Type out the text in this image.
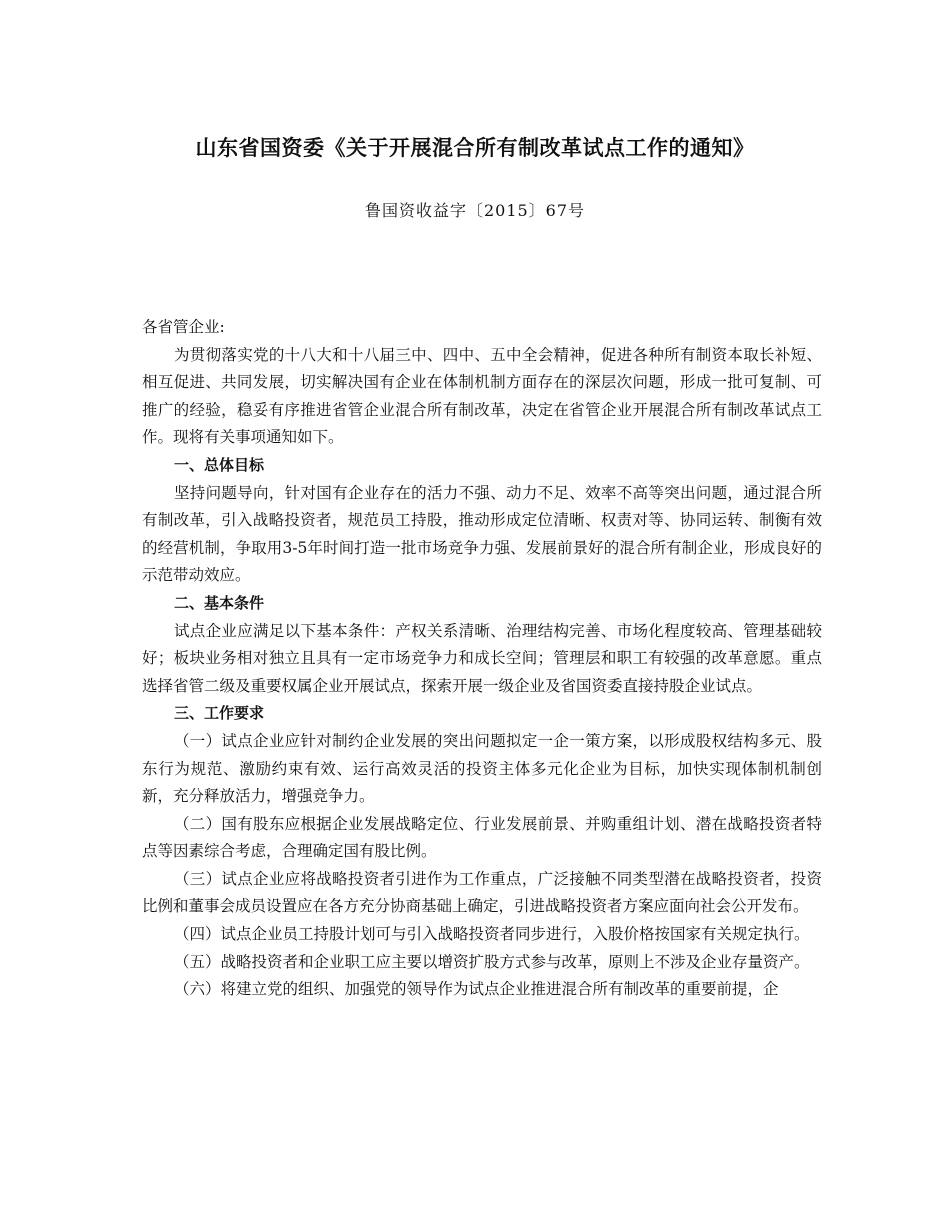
山东省国资委《关于开展混合所有制改革试点工作的通知》
鲁国资收益字〔2015〕67号

各省管企业:

为贯彻落实党的十八大和十八届三中、四中、五中全会精神，促进各种所有制资本取长补短、相互促进、共同发展，切实解决国有企业在体制机制方面存在的深层次问题，形成一批可复制、可推广的经验，稳妥有序推进省管企业混合所有制改革，决定在省管企业开展混合所有制改革试点工作。现将有关事项通知如下。

一、总体目标

坚持问题导向，针对国有企业存在的活力不强、动力不足、效率不高等突出问题，通过混合所有制改革，引入战略投资者，规范员工持股，推动形成定位清晰、权责对等、协同运转、制衡有效的经营机制，争取用3-5年时间打造一批市场竞争力强、发展前景好的混合所有制企业，形成良好的示范带动效应。

二、基本条件

试点企业应满足以下基本条件：产权关系清晰、治理结构完善、市场化程度较高、管理基础较好；板块业务相对独立且具有一定市场竞争力和成长空间；管理层和职工有较强的改革意愿。重点选择省管二级及重要权属企业开展试点，探索开展一级企业及省国资委直接持股企业试点。

三、工作要求

（一）试点企业应针对制约企业发展的突出问题拟定一企一策方案，以形成股权结构多元、股东行为规范、激励约束有效、运行高效灵活的投资主体多元化企业为目标，加快实现体制机制创新，充分释放活力，增强竞争力。

（二）国有股东应根据企业发展战略定位、行业发展前景、并购重组计划、潜在战略投资者特点等因素综合考虑，合理确定国有股比例。

（三）试点企业应将战略投资者引进作为工作重点，广泛接触不同类型潜在战略投资者，投资比例和董事会成员设置应在各方充分协商基础上确定，引进战略投资者方案应面向社会公开发布。

（四）试点企业员工持股计划可与引入战略投资者同步进行，入股价格按国家有关规定执行。

（五）战略投资者和企业职工应主要以增资扩股方式参与改革，原则上不涉及企业存量资产。

（六）将建立党的组织、加强党的领导作为试点企业推进混合所有制改革的重要前提，企
